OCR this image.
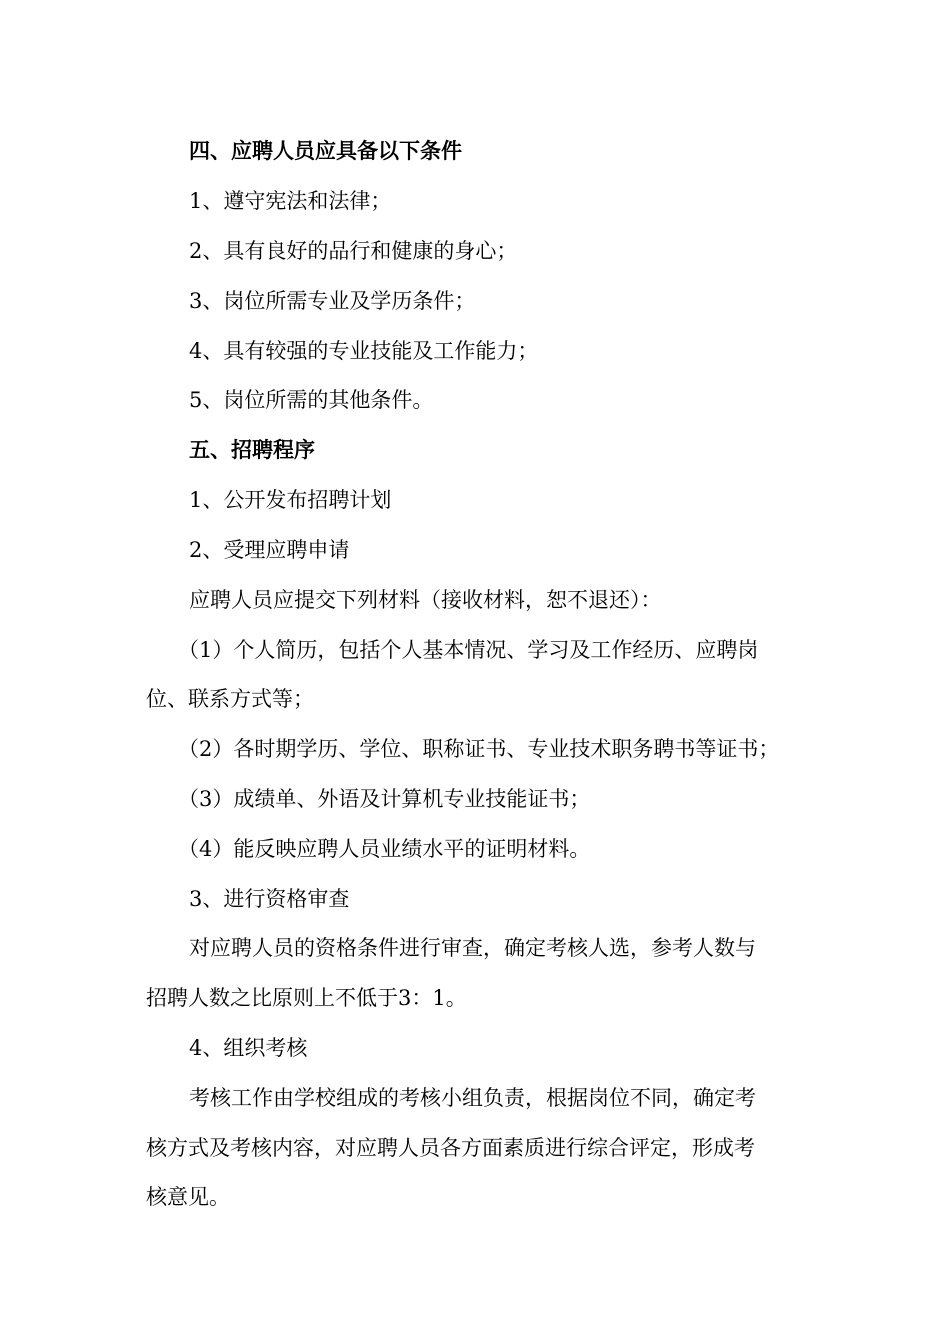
四、应聘人员应具备以下条件
1、遵守宪法和法律；
2、具有良好的品行和健康的身心；
3、岗位所需专业及学历条件；
4、具有较强的专业技能及工作能力；
5、岗位所需的其他条件。
五、招聘程序
1、公开发布招聘计划
2、受理应聘申请
应聘人员应提交下列材料（接收材料，恕不退还）：
（1）个人简历，包括个人基本情况、学习及工作经历、应聘岗
位、联系方式等；
（2）各时期学历、学位、职称证书、专业技术职务聘书等证书；
（3）成绩单、外语及计算机专业技能证书；
（4）能反映应聘人员业绩水平的证明材料。
3、进行资格审查
对应聘人员的资格条件进行审查，确定考核人选，参考人数与
招聘人数之比原则上不低于3：1。
4、组织考核
考核工作由学校组成的考核小组负责，根据岗位不同，确定考
核方式及考核内容，对应聘人员各方面素质进行综合评定，形成考
核意见。
